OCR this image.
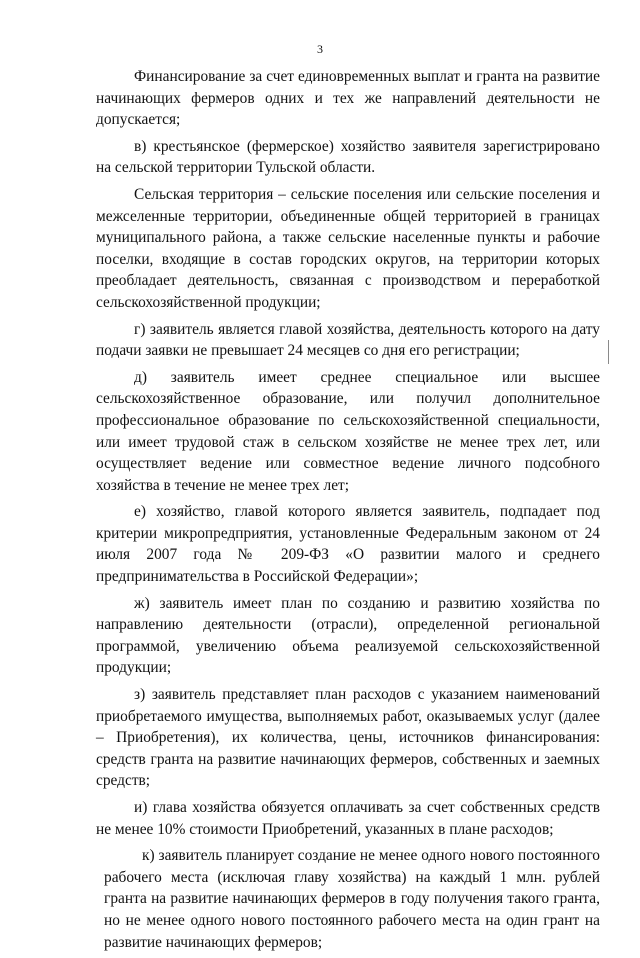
3

Финансирование за счет единовременных выплат и гранта на развитие начинающих фермеров одних и тех же направлений деятельности не допускается;

в) крестьянское (фермерское) хозяйство заявителя зарегистрировано на сельской территории Тульской области.

Сельская территория – сельские поселения или сельские поселения и межселенные территории, объединенные общей территорией в границах муниципального района, а также сельские населенные пункты и рабочие поселки, входящие в состав городских округов, на территории которых преобладает деятельность, связанная с производством и переработкой сельскохозяйственной продукции;

г) заявитель является главой хозяйства, деятельность которого на дату подачи заявки не превышает 24 месяцев со дня его регистрации;

д) заявитель имеет среднее специальное или высшее сельскохозяйственное образование, или получил дополнительное профессиональное образование по сельскохозяйственной специальности, или имеет трудовой стаж в сельском хозяйстве не менее трех лет, или осуществляет ведение или совместное ведение личного подсобного хозяйства в течение не менее трех лет;

е) хозяйство, главой которого является заявитель, подпадает под критерии микропредприятия, установленные Федеральным законом от 24 июля 2007 года № 209-ФЗ «О развитии малого и среднего предпринимательства в Российской Федерации»;

ж) заявитель имеет план по созданию и развитию хозяйства по направлению деятельности (отрасли), определенной региональной программой, увеличению объема реализуемой сельскохозяйственной продукции;

з) заявитель представляет план расходов с указанием наименований приобретаемого имущества, выполняемых работ, оказываемых услуг (далее – Приобретения), их количества, цены, источников финансирования: средств гранта на развитие начинающих фермеров, собственных и заемных средств;

и) глава хозяйства обязуется оплачивать за счет собственных средств не менее 10% стоимости Приобретений, указанных в плане расходов;

к) заявитель планирует создание не менее одного нового постоянного рабочего места (исключая главу хозяйства) на каждый 1 млн. рублей гранта на развитие начинающих фермеров в году получения такого гранта, но не менее одного нового постоянного рабочего места на один грант на развитие начинающих фермеров;
